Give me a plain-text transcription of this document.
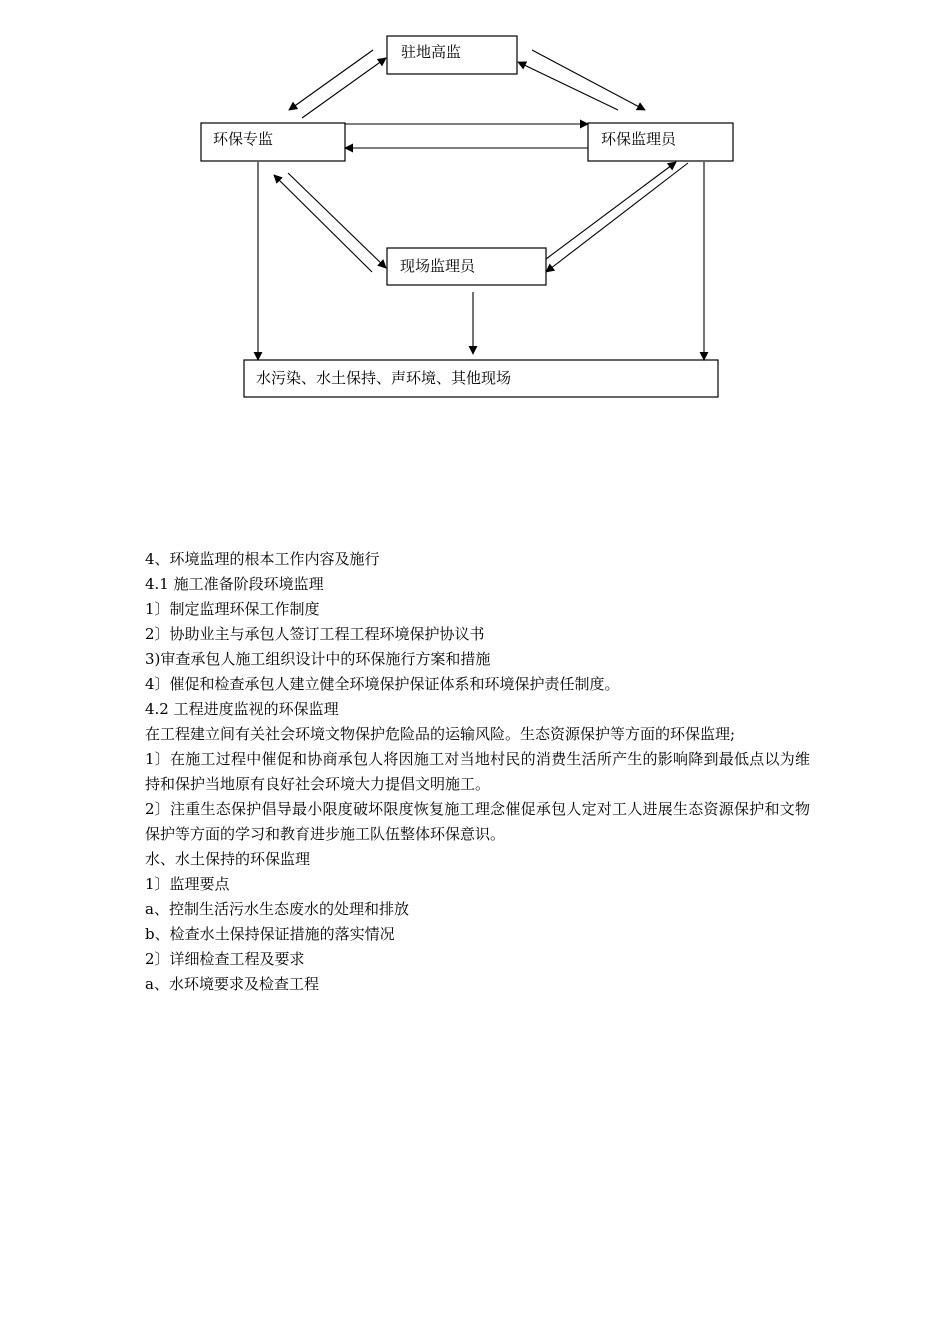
驻地高监
环保专监	环保监理员
现场监理员
水污染、水土保持、声环境、其他现场

4、环境监理的根本工作内容及施行

4.1 施工准备阶段环境监理

1〕制定监理环保工作制度

2〕协助业主与承包人签订工程工程环境保护协议书

3)审查承包人施工组织设计中的环保施行方案和措施

4〕催促和检查承包人建立健全环境保护保证体系和环境保护责任制度。

4.2 工程进度监视的环保监理

在工程建立间有关社会环境文物保护危险品的运输风险。生态资源保护等方面的环保监理;

1〕在施工过程中催促和协商承包人将因施工对当地村民的消费生活所产生的影响降到最低点以为维持和保护当地原有良好社会环境大力提倡文明施工。

2〕注重生态保护倡导最小限度破坏限度恢复施工理念催促承包人定对工人进展生态资源保护和文物保护等方面的学习和教育进步施工队伍整体环保意识。

水、水土保持的环保监理

1〕监理要点

a、控制生活污水生态废水的处理和排放

b、检查水土保持保证措施的落实情况

2〕详细检查工程及要求

a、水环境要求及检查工程
